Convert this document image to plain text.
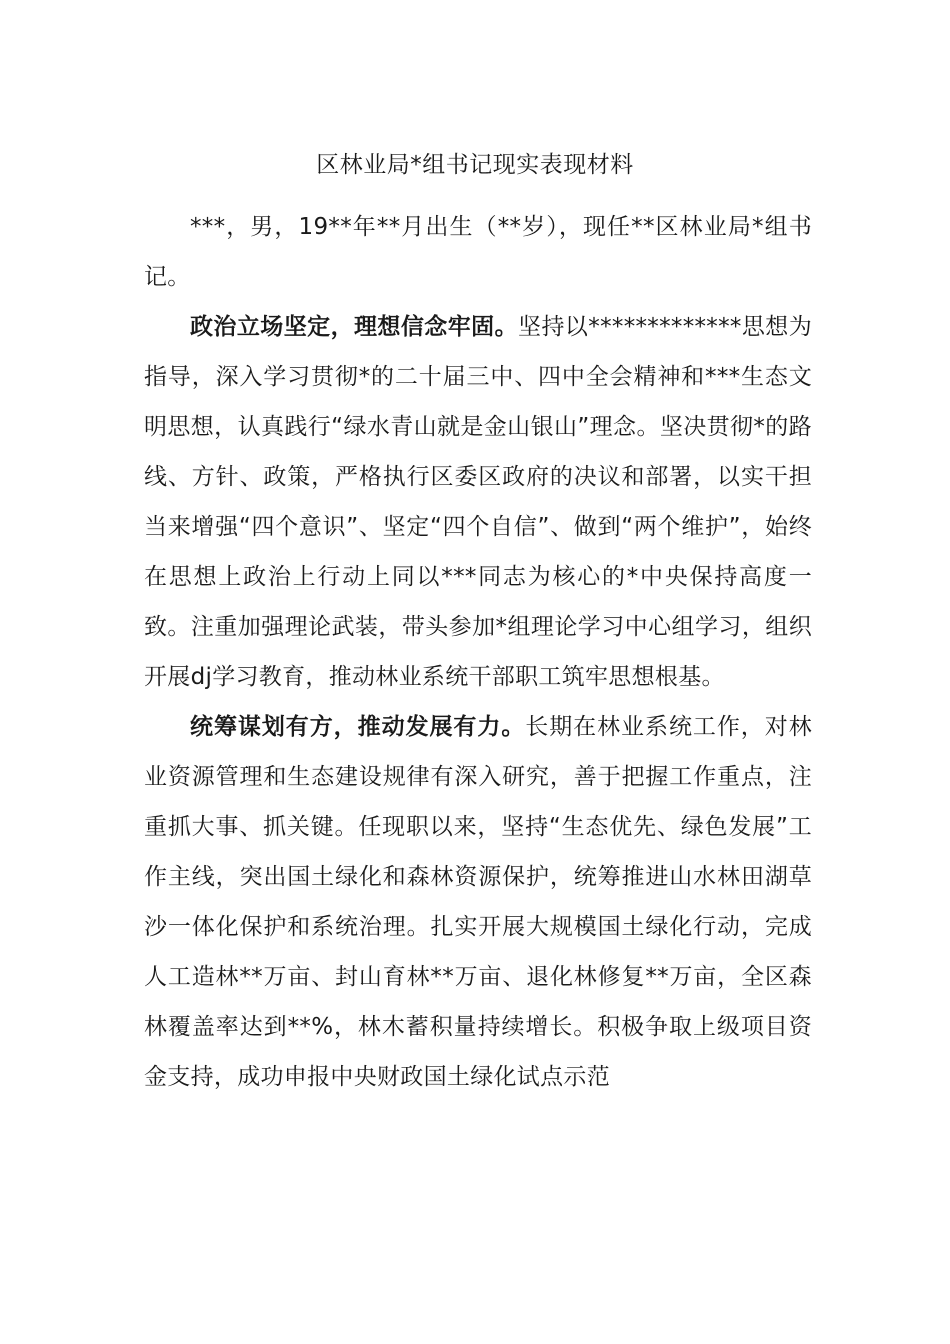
区林业局*组书记现实表现材料

***，男，19**年**月出生（**岁），现任**区林业局*组书记。

政治立场坚定，理想信念牢固。坚持以*************思想为指导，深入学习贯彻*的二十届三中、四中全会精神和***生态文明思想，认真践行“绿水青山就是金山银山”理念。坚决贯彻*的路线、方针、政策，严格执行区委区政府的决议和部署，以实干担当来增强“四个意识”、坚定“四个自信”、做到“两个维护”，始终在思想上政治上行动上同以***同志为核心的*中央保持高度一致。注重加强理论武装，带头参加*组理论学习中心组学习，组织开展dj学习教育，推动林业系统干部职工筑牢思想根基。

统筹谋划有方，推动发展有力。长期在林业系统工作，对林业资源管理和生态建设规律有深入研究，善于把握工作重点，注重抓大事、抓关键。任现职以来，坚持“生态优先、绿色发展”工作主线，突出国土绿化和森林资源保护，统筹推进山水林田湖草沙一体化保护和系统治理。扎实开展大规模国土绿化行动，完成人工造林**万亩、封山育林**万亩、退化林修复**万亩，全区森林覆盖率达到**%，林木蓄积量持续增长。积极争取上级项目资金支持，成功申报中央财政国土绿化试点示范
